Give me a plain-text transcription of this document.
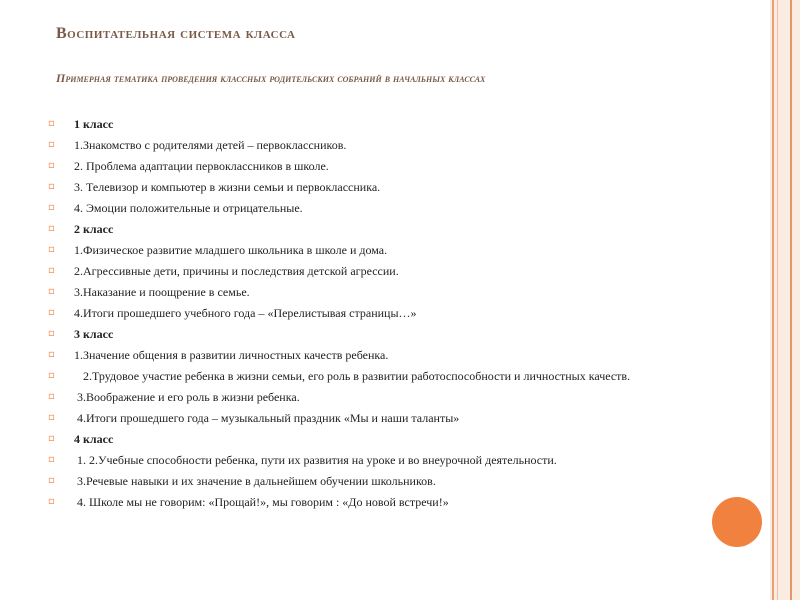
Воспитательная система класса
Примерная тематика проведения классных родительских собраний в начальных классах
▫ 1 класс
▫ 1.Знакомство с родителями детей – первоклассников.
▫ 2. Проблема адаптации первоклассников в школе.
▫ 3. Телевизор и компьютер в жизни семьи и первоклассника.
▫ 4. Эмоции положительные и отрицательные.
▫ 2 класс
▫ 1.Физическое развитие младшего школьника в школе и дома.
▫ 2.Агрессивные дети, причины и последствия детской агрессии.
▫ 3.Наказание и поощрение в семье.
▫ 4.Итоги прошедшего учебного года – «Перелистывая страницы…»
▫ 3 класс
▫ 1.Значение общения в развитии личностных качеств ребенка.
▫ 2.Трудовое участие ребенка в жизни семьи, его роль в развитии работоспособности и личностных качеств.
▫ 3.Воображение и его роль в жизни ребенка.
▫ 4.Итоги прошедшего года – музыкальный праздник «Мы и наши таланты»
▫ 4 класс
▫ 1. 2.Учебные способности ребенка, пути их развития на уроке и во внеурочной деятельности.
▫ 3.Речевые навыки и их значение в дальнейшем обучении школьников.
▫ 4. Школе мы не говорим: «Прощай!», мы говорим : «До новой встречи!»
